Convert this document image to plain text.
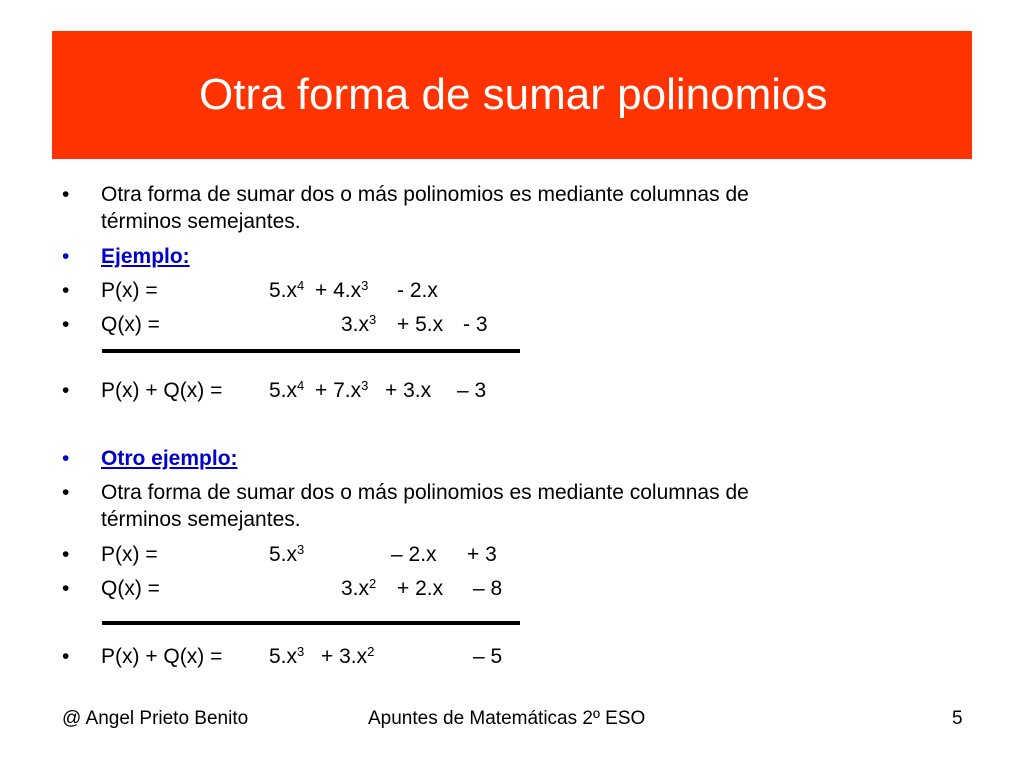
Otra forma de sumar polinomios
• Otra forma de sumar dos o más polinomios es mediante columnas de
términos semejantes.
• Ejemplo:
• P(x) =	$5.x^4 + 4.x^3 - 2.x$
• Q(x) =	$3.x^3 + 5.x - 3$
• $P(x) + Q(x) = 5.x^4 + 7.x^3 + 3.x - 3$
• Otro ejemplo:
• Otra forma de sumar dos o más polinomios es mediante columnas de
términos semejantes.
• P(x) =	$5.x^3$	– 2.x + 3
• Q(x) =	$3.x^2 + 2.x - 8$
• $P(x) + Q(x) = 5.x^3 + 3.x^2$	– 5
@ Angel Prieto Benito	Apuntes de Matemáticas 2º ESO	5
